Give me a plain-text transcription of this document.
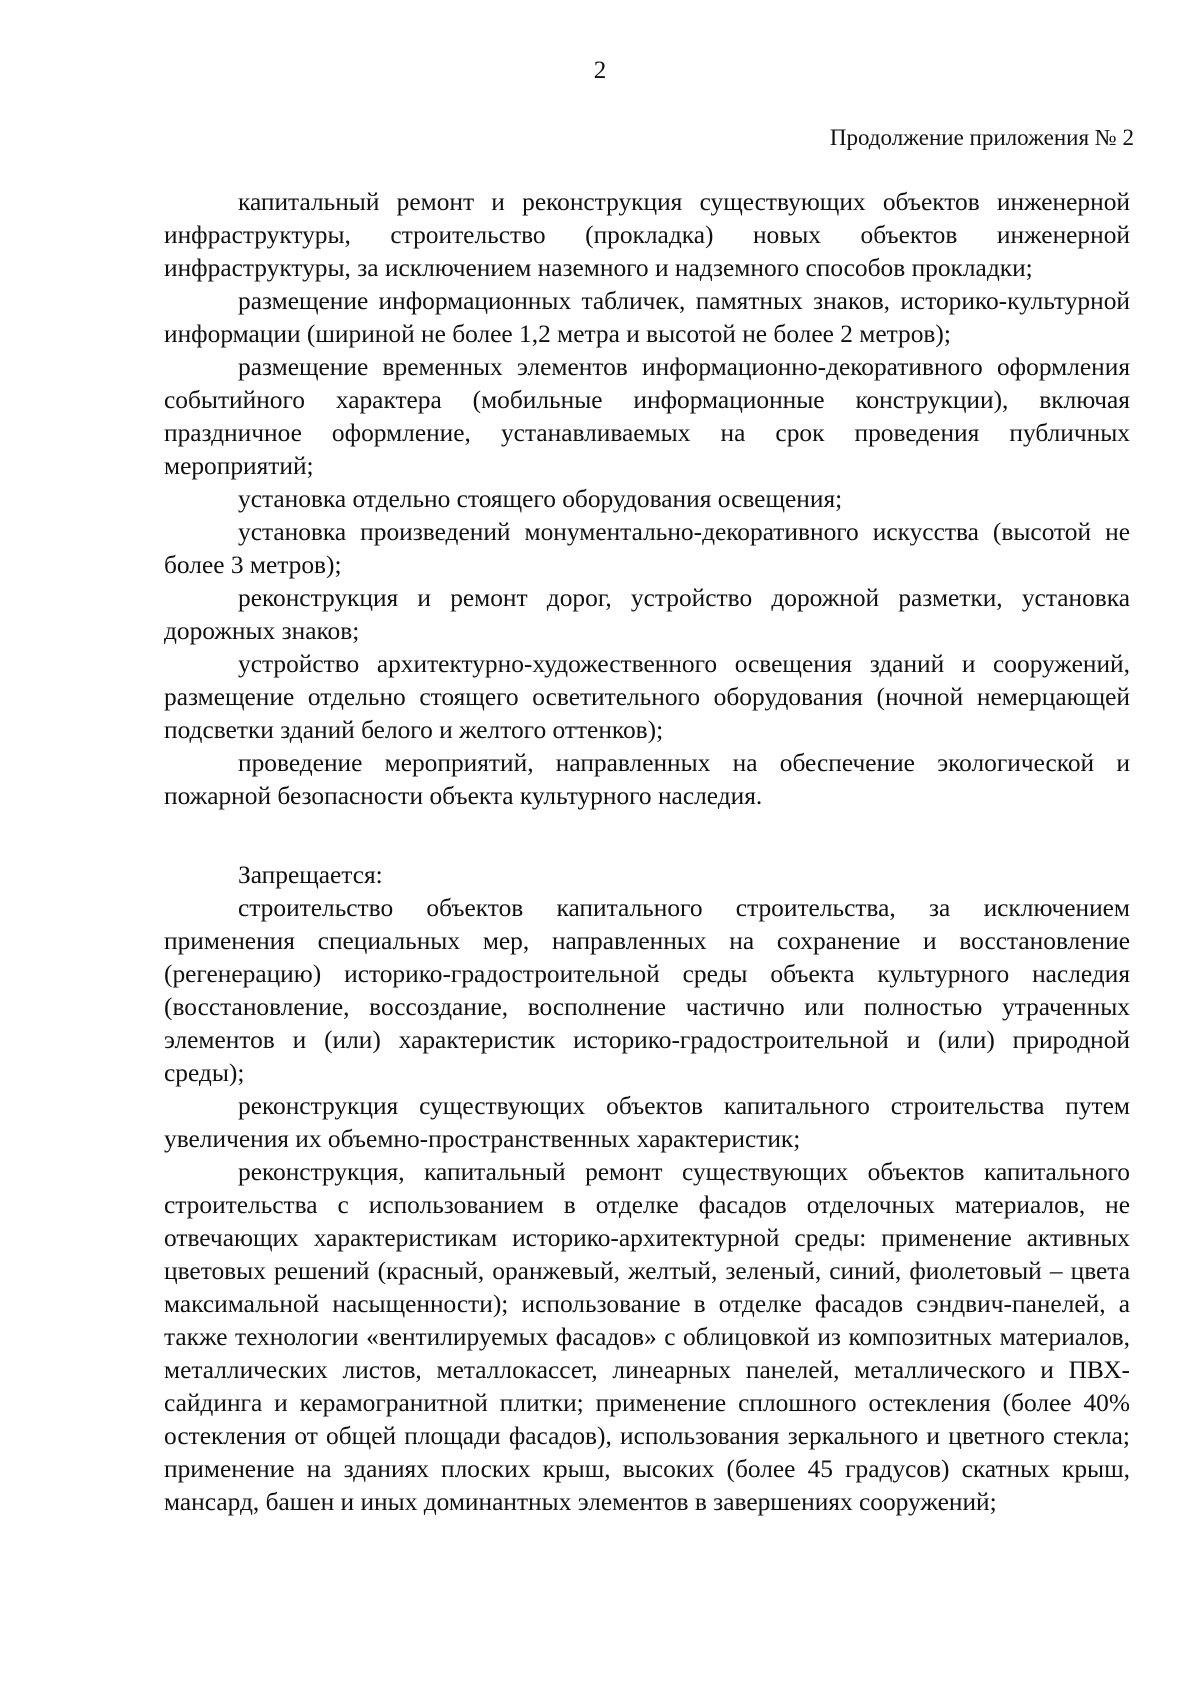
2
Продолжение приложения № 2

капитальный ремонт и реконструкция существующих объектов инженерной инфраструктуры, строительство (прокладка) новых объектов инженерной инфраструктуры, за исключением наземного и надземного способов прокладки;

размещение информационных табличек, памятных знаков, историко-культурной информации (шириной не более 1,2 метра и высотой не более 2 метров);

размещение временных элементов информационно-декоративного оформления событийного характера (мобильные информационные конструкции), включая праздничное оформление, устанавливаемых на срок проведения публичных мероприятий;

установка отдельно стоящего оборудования освещения;

установка произведений монументально-декоративного искусства (высотой не более 3 метров);

реконструкция и ремонт дорог, устройство дорожной разметки, установка дорожных знаков;

устройство архитектурно-художественного освещения зданий и сооружений, размещение отдельно стоящего осветительного оборудования (ночной немерцающей подсветки зданий белого и желтого оттенков);

проведение мероприятий, направленных на обеспечение экологической и пожарной безопасности объекта культурного наследия.

Запрещается:

строительство объектов капитального строительства, за исключением применения специальных мер, направленных на сохранение и восстановление (регенерацию) историко-градостроительной среды объекта культурного наследия (восстановление, воссоздание, восполнение частично или полностью утраченных элементов и (или) характеристик историко-градостроительной и (или) природной среды);

реконструкция существующих объектов капитального строительства путем увеличения их объемно-пространственных характеристик;

реконструкция, капитальный ремонт существующих объектов капитального строительства с использованием в отделке фасадов отделочных материалов, не отвечающих характеристикам историко-архитектурной среды: применение активных цветовых решений (красный, оранжевый, желтый, зеленый, синий, фиолетовый – цвета максимальной насыщенности); использование в отделке фасадов сэндвич-панелей, а также технологии «вентилируемых фасадов» с облицовкой из композитных материалов, металлических листов, металлокассет, линеарных панелей, металлического и ПВХ-сайдинга и керамогранитной плитки; применение сплошного остекления (более 40% остекления от общей площади фасадов), использования зеркального и цветного стекла; применение на зданиях плоских крыш, высоких (более 45 градусов) скатных крыш, мансард, башен и иных доминантных элементов в завершениях сооружений;
